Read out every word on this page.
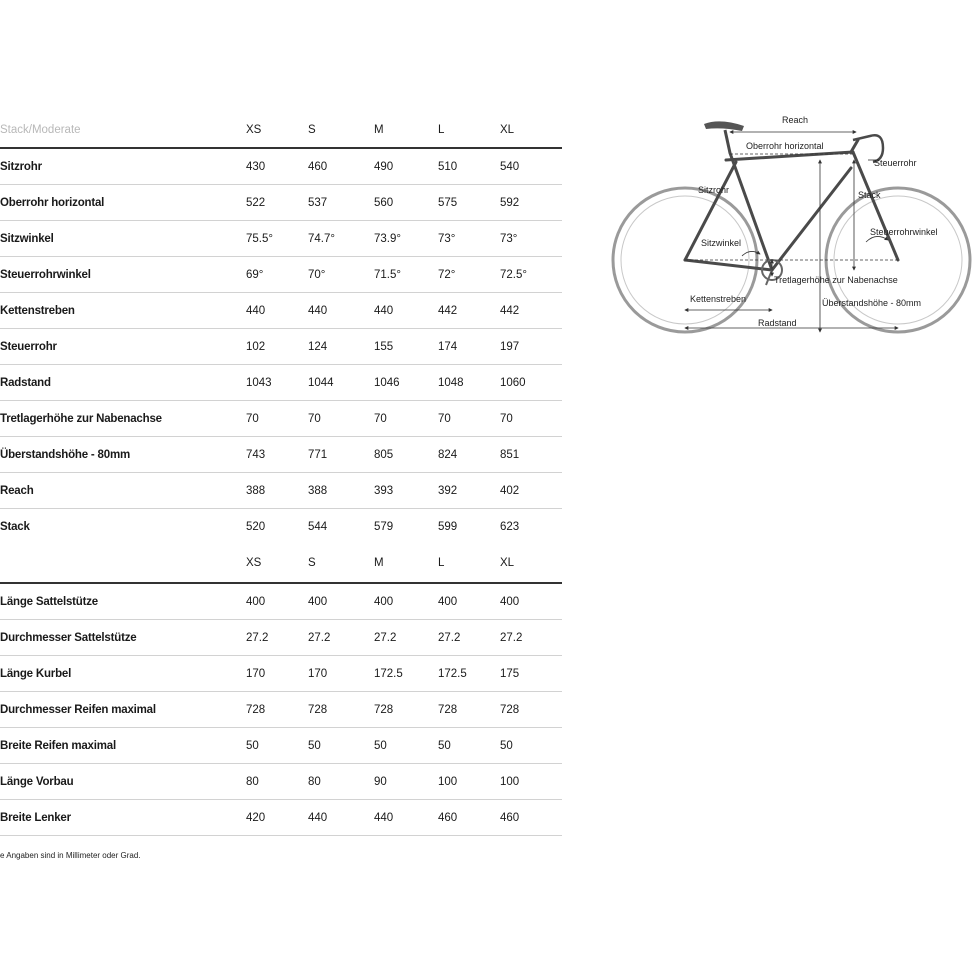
Stack/Moderate	XS	S	M	L	XL
Sitzrohr	430	460	490	510	540
Oberrohr horizontal	522	537	560	575	592
Sitzwinkel	75.5°	74.7°	73.9°	73°	73°
Steuerrohrwinkel	69°	70°	71.5°	72°	72.5°
Kettenstreben	440	440	440	442	442
Steuerrohr	102	124	155	174	197
Radstand	1043	1044	1046	1048	1060
Tretlagerhöhe zur Nabenachse	70	70	70	70	70
Überstandshöhe - 80mm	743	771	805	824	851
Reach	388	388	393	392	402
Stack	520	544	579	599	623
	XS	S	M	L	XL
Länge Sattelstütze	400	400	400	400	400
Durchmesser Sattelstütze	27.2	27.2	27.2	27.2	27.2
Länge Kurbel	170	170	172.5	172.5	175
Durchmesser Reifen maximal	728	728	728	728	728
Breite Reifen maximal	50	50	50	50	50
Länge Vorbau	80	80	90	100	100
Breite Lenker	420	440	440	460	460
e Angaben sind in Millimeter oder Grad.
Reach
Oberrohr horizontal
Steuerrohr
Sitzrohr	Stack
Steuerrohrwinkel
Sitzwinkel
Tretlagerhöhe zur Nabenachse
Kettenstreben	Überstandshöhe - 80mm
Radstand
